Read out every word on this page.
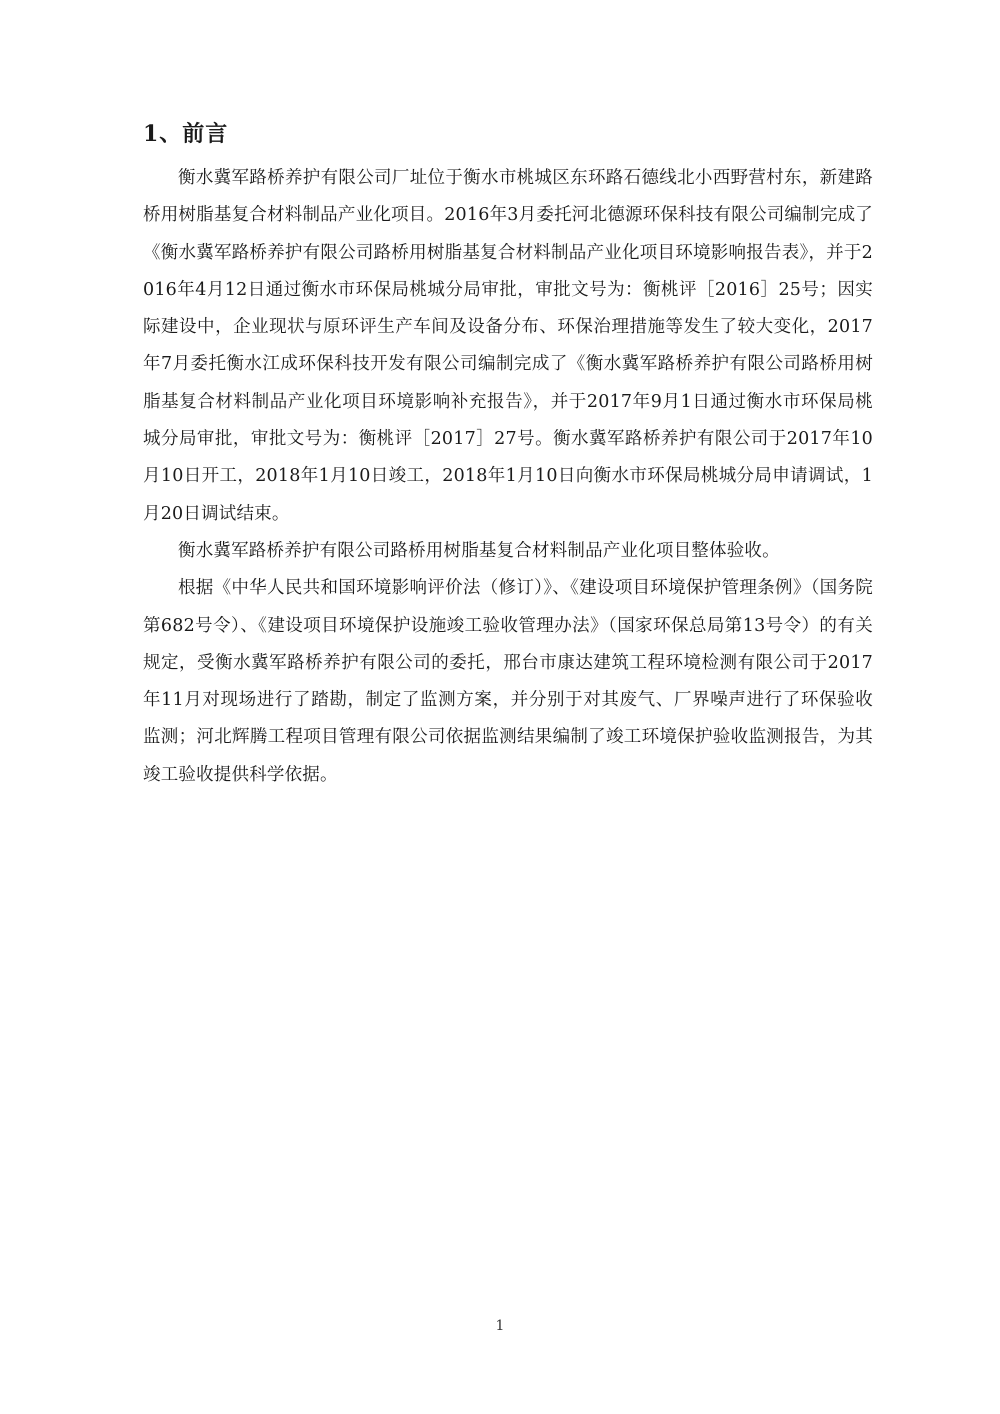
1、前言

衡水冀军路桥养护有限公司厂址位于衡水市桃城区东环路石德线北小西野营村东，新建路桥用树脂基复合材料制品产业化项目。2016年3月委托河北德源环保科技有限公司编制完成了《衡水冀军路桥养护有限公司路桥用树脂基复合材料制品产业化项目环境影响报告表》，并于2016年4月12日通过衡水市环保局桃城分局审批，审批文号为：衡桃评［2016］25号；因实际建设中，企业现状与原环评生产车间及设备分布、环保治理措施等发生了较大变化，2017年7月委托衡水江成环保科技开发有限公司编制完成了《衡水冀军路桥养护有限公司路桥用树脂基复合材料制品产业化项目环境影响补充报告》，并于2017年9月1日通过衡水市环保局桃城分局审批，审批文号为：衡桃评［2017］27号。衡水冀军路桥养护有限公司于2017年10月10日开工，2018年1月10日竣工，2018年1月10日向衡水市环保局桃城分局申请调试，1月20日调试结束。

衡水冀军路桥养护有限公司路桥用树脂基复合材料制品产业化项目整体验收。

根据《中华人民共和国环境影响评价法（修订）》、《建设项目环境保护管理条例》（国务院第682号令）、《建设项目环境保护设施竣工验收管理办法》（国家环保总局第13号令）的有关规定，受衡水冀军路桥养护有限公司的委托，邢台市康达建筑工程环境检测有限公司于2017年11月对现场进行了踏勘，制定了监测方案，并分别于对其废气、厂界噪声进行了环保验收监测；河北辉腾工程项目管理有限公司依据监测结果编制了竣工环境保护验收监测报告，为其竣工验收提供科学依据。

1
